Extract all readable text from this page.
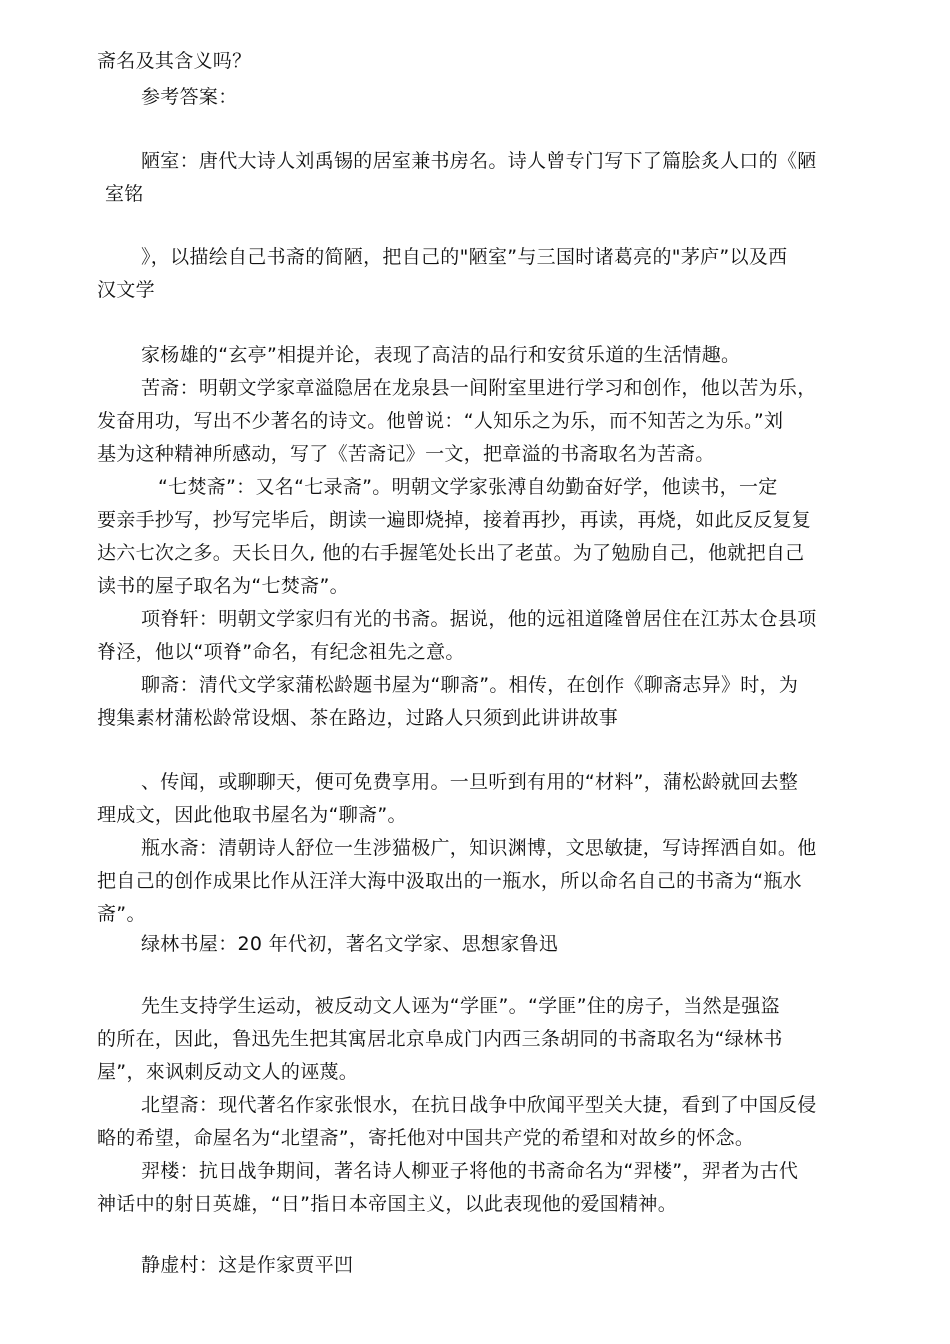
斋名及其含义吗？
参考答案：
陋室：唐代大诗人刘禹锡的居室兼书房名。诗人曾专门写下了篇脍炙人口的《陋
室铭
》，以描绘自己书斋的简陋，把自己的"陋室”与三国时诸葛亮的"茅庐”以及西
汉文学
家杨雄的“玄亭”相提并论，表现了高洁的品行和安贫乐道的生活情趣。
苦斋：明朝文学家章溢隐居在龙泉县一间附室里进行学习和创作，他以苦为乐，
发奋用功，写出不少著名的诗文。他曾说：“人知乐之为乐，而不知苦之为乐。”刘
基为这种精神所感动，写了《苦斋记》一文，把章溢的书斋取名为苦斋。
“七焚斋”：又名“七录斋”。明朝文学家张溥自幼勤奋好学，他读书，一定
要亲手抄写，抄写完毕后，朗读一遍即烧掉，接着再抄，再读，再烧，如此反反复复
达六七次之多。天长日久, 他的右手握笔处长出了老茧。为了勉励自己，他就把自己
读书的屋子取名为“七焚斋”。
项脊轩：明朝文学家归有光的书斋。据说，他的远祖道隆曾居住在江苏太仓县项
脊泾，他以“项脊”命名，有纪念祖先之意。
聊斋：清代文学家蒲松龄题书屋为“聊斋”。相传，在创作《聊斋志异》时，为
搜集素材蒲松龄常设烟、茶在路边，过路人只须到此讲讲故事
、传闻，或聊聊天，便可免费享用。一旦听到有用的“材料”，蒲松龄就回去整
理成文，因此他取书屋名为“聊斋”。
瓶水斋：清朝诗人舒位一生涉猫极广，知识渊博，文思敏捷，写诗挥洒自如。他
把自己的创作成果比作从汪洋大海中汲取出的一瓶水，所以命名自己的书斋为“瓶水
斋”。
绿林书屋：20 年代初，著名文学家、思想家鲁迅
先生支持学生运动，被反动文人诬为“学匪”。“学匪”住的房子，当然是强盗
的所在，因此，鲁迅先生把其寓居北京阜成门内西三条胡同的书斋取名为“绿林书
屋”，來讽刺反动文人的诬蔑。
北望斋：现代著名作家张恨水，在抗日战争中欣闻平型关大捷，看到了中国反侵
略的希望，命屋名为“北望斋”，寄托他对中国共产党的希望和对故乡的怀念。
羿楼：抗日战争期间，著名诗人柳亚子将他的书斋命名为“羿楼”，羿者为古代
神话中的射日英雄，“日”指日本帝国主义，以此表现他的爱国精神。
静虚村：这是作家贾平凹
